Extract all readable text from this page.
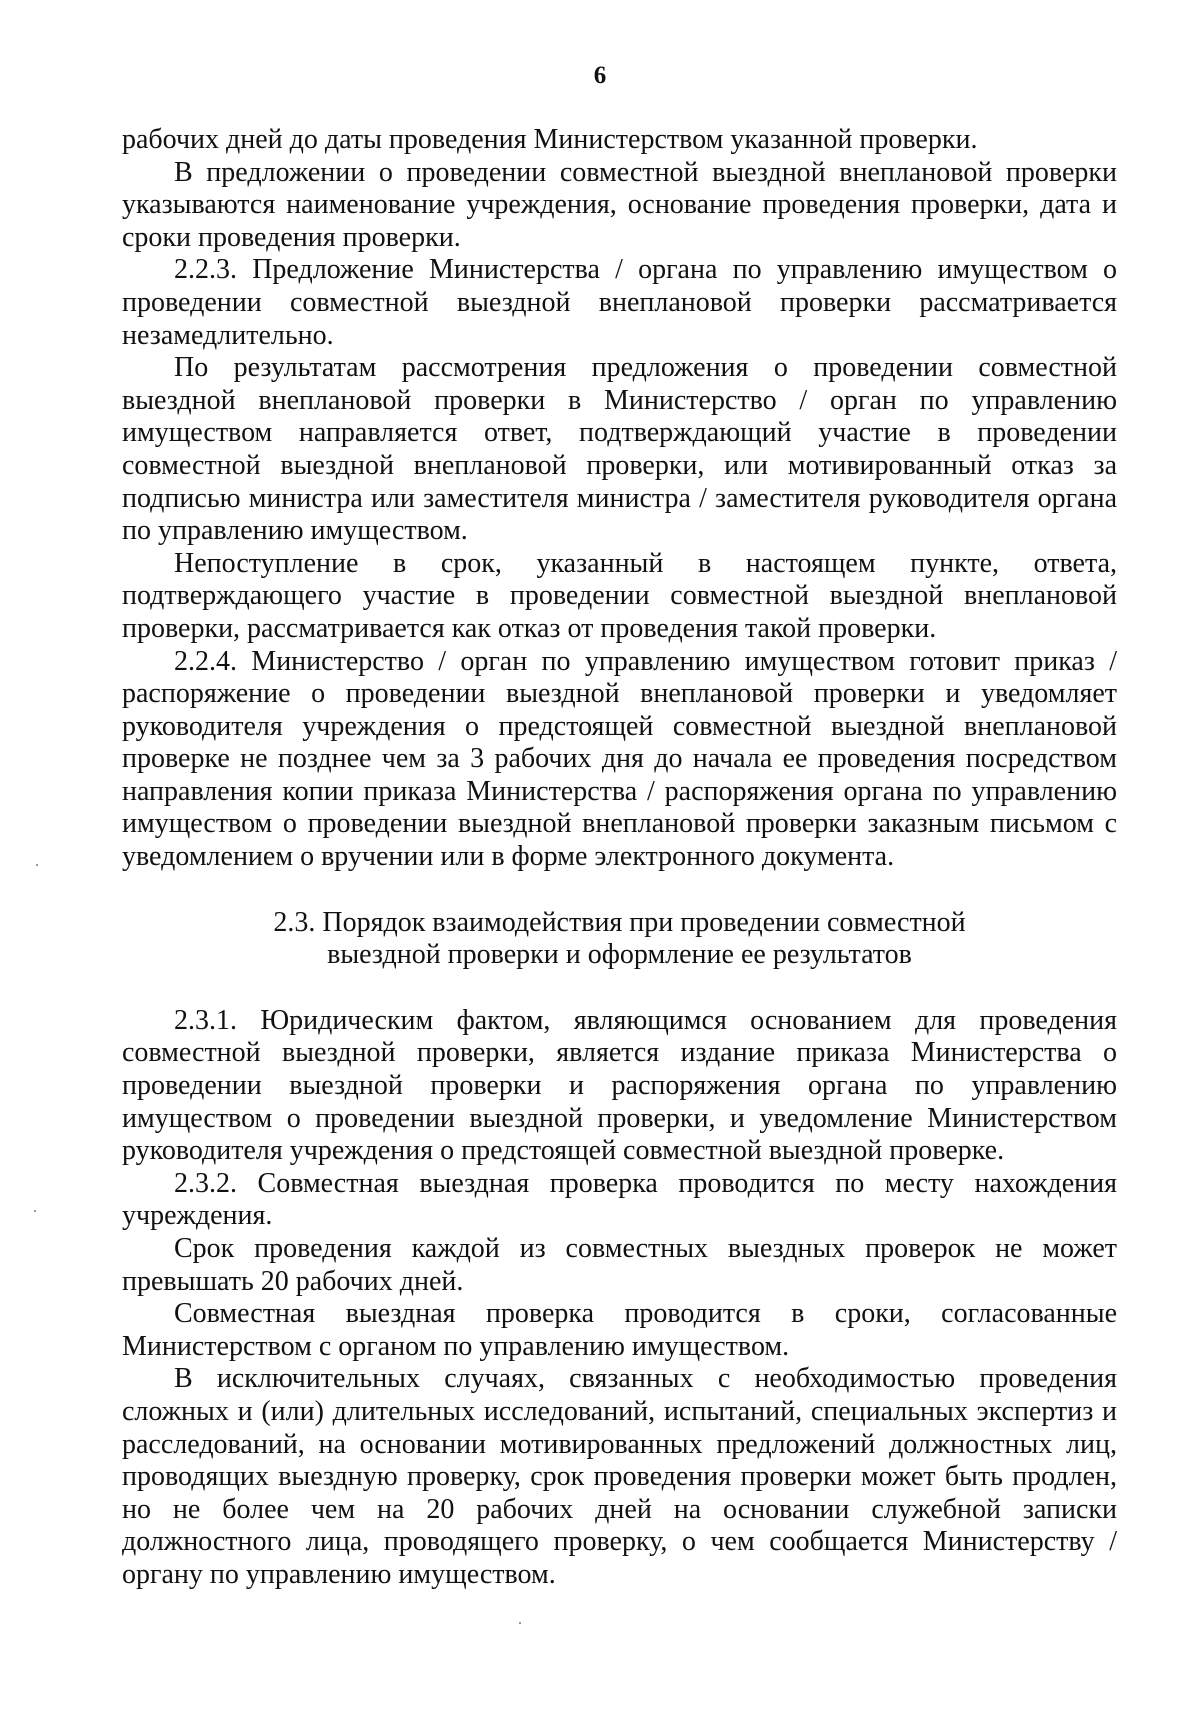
6

рабочих дней до даты проведения Министерством указанной проверки.

В предложении о проведении совместной выездной внеплановой проверки указываются наименование учреждения, основание проведения проверки, дата и сроки проведения проверки.

2.2.3. Предложение Министерства / органа по управлению имуществом о проведении совместной выездной внеплановой проверки рассматривается незамедлительно.

По результатам рассмотрения предложения о проведении совместной выездной внеплановой проверки в Министерство / орган по управлению имуществом направляется ответ, подтверждающий участие в проведении совместной выездной внеплановой проверки, или мотивированный отказ за подписью министра или заместителя министра / заместителя руководителя органа по управлению имуществом.

Непоступление в срок, указанный в настоящем пункте, ответа, подтверждающего участие в проведении совместной выездной внеплановой проверки, рассматривается как отказ от проведения такой проверки.

2.2.4. Министерство / орган по управлению имуществом готовит приказ / распоряжение о проведении выездной внеплановой проверки и уведомляет руководителя учреждения о предстоящей совместной выездной внеплановой проверке не позднее чем за 3 рабочих дня до начала ее проведения посредством направления копии приказа Министерства / распоряжения органа по управлению имуществом о проведении выездной внеплановой проверки заказным письмом с уведомлением о вручении или в форме электронного документа.

2.3. Порядок взаимодействия при проведении совместной
выездной проверки и оформление ее результатов

2.3.1. Юридическим фактом, являющимся основанием для проведения совместной выездной проверки, является издание приказа Министерства о проведении выездной проверки и распоряжения органа по управлению имуществом о проведении выездной проверки, и уведомление Министерством руководителя учреждения о предстоящей совместной выездной проверке.

2.3.2. Совместная выездная проверка проводится по месту нахождения учреждения.

Срок проведения каждой из совместных выездных проверок не может превышать 20 рабочих дней.

Совместная выездная проверка проводится в сроки, согласованные Министерством с органом по управлению имуществом.

В исключительных случаях, связанных с необходимостью проведения сложных и (или) длительных исследований, испытаний, специальных экспертиз и расследований, на основании мотивированных предложений должностных лиц, проводящих выездную проверку, срок проведения проверки может быть продлен, но не более чем на 20 рабочих дней на основании служебной записки должностного лица, проводящего проверку, о чем сообщается Министерству / органу по управлению имуществом.
